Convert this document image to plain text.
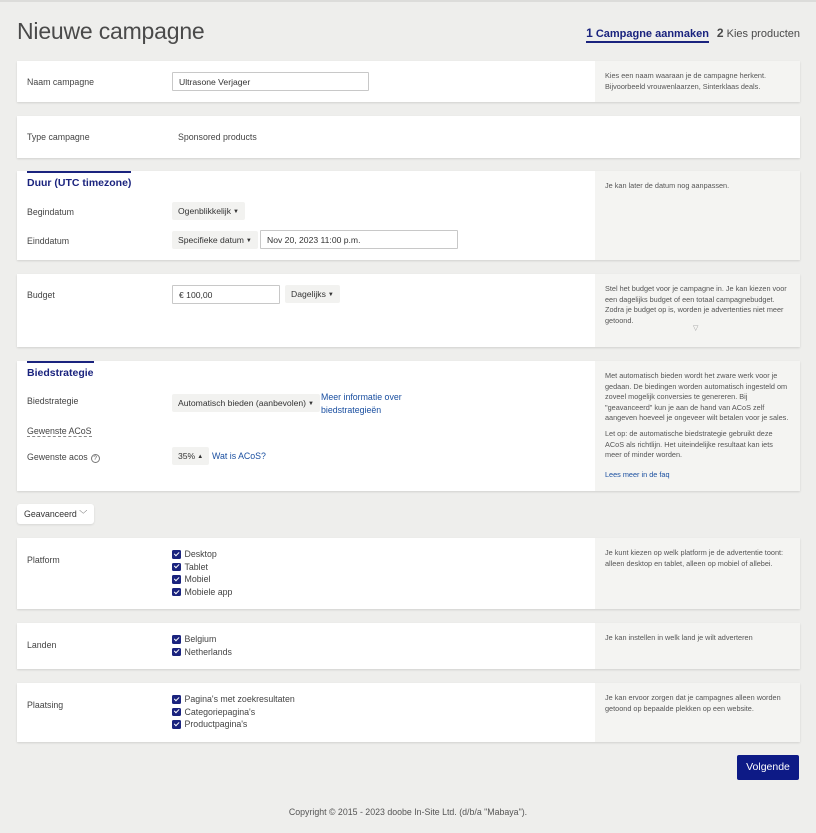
Nieuwe campagne	1 Campagne aanmaken 2 Kies producten
Naam campagne	Ultrasone Verjager
Kies een naam waaraan je de campagne herkent. Bijvoorbeeld vrouwenlaarzen, Sinterklaas deals.
Type campagne	Sponsored products
Duur (UTC timezone)
Begindatum	Ogenblikkelijk ▼
Einddatum	Specifieke datum ▼	Nov 20, 2023 11:00 p.m.
Je kan later de datum nog aanpassen.
Budget	€ 100,00	Dagelijks ▼
Stel het budget voor je campagne in. Je kan kiezen voor een dagelijks budget of een totaal campagnebudget. Zodra je budget op is, worden je advertenties niet meer getoond.
▽
Biedstrategie
Biedstrategie	Automatisch bieden (aanbevolen) ▼
Meer informatie over biedstrategieën
Gewenste ACoS
Gewenste acos ?	35% ▲	Wat is ACoS?

Met automatisch bieden wordt het zware werk voor je gedaan. De biedingen worden automatisch ingesteld om zoveel mogelijk conversies te genereren. Bij "geavanceerd" kun je aan de hand van ACoS zelf aangeven hoeveel je ongeveer wilt betalen voor je sales.

Let op: de automatische biedstrategie gebruikt deze ACoS als richtlijn. Het uiteindelijke resultaat kan iets meer of minder worden.

Lees meer in de faq

Geavanceerd ﹀
Platform
Desktop
Tablet
Mobiel
Mobiele app
Je kunt kiezen op welk platform je de advertentie toont: alleen desktop en tablet, alleen op mobiel of allebei.
Landen
Belgium
Netherlands
Je kan instellen in welk land je wilt adverteren
Plaatsing
Pagina's met zoekresultaten
Categoriepagina's
Productpagina's
Je kan ervoor zorgen dat je campagnes alleen worden getoond op bepaalde plekken op een website.
Volgende
Copyright © 2015 - 2023 doobe In-Site Ltd. (d/b/a "Mabaya").
